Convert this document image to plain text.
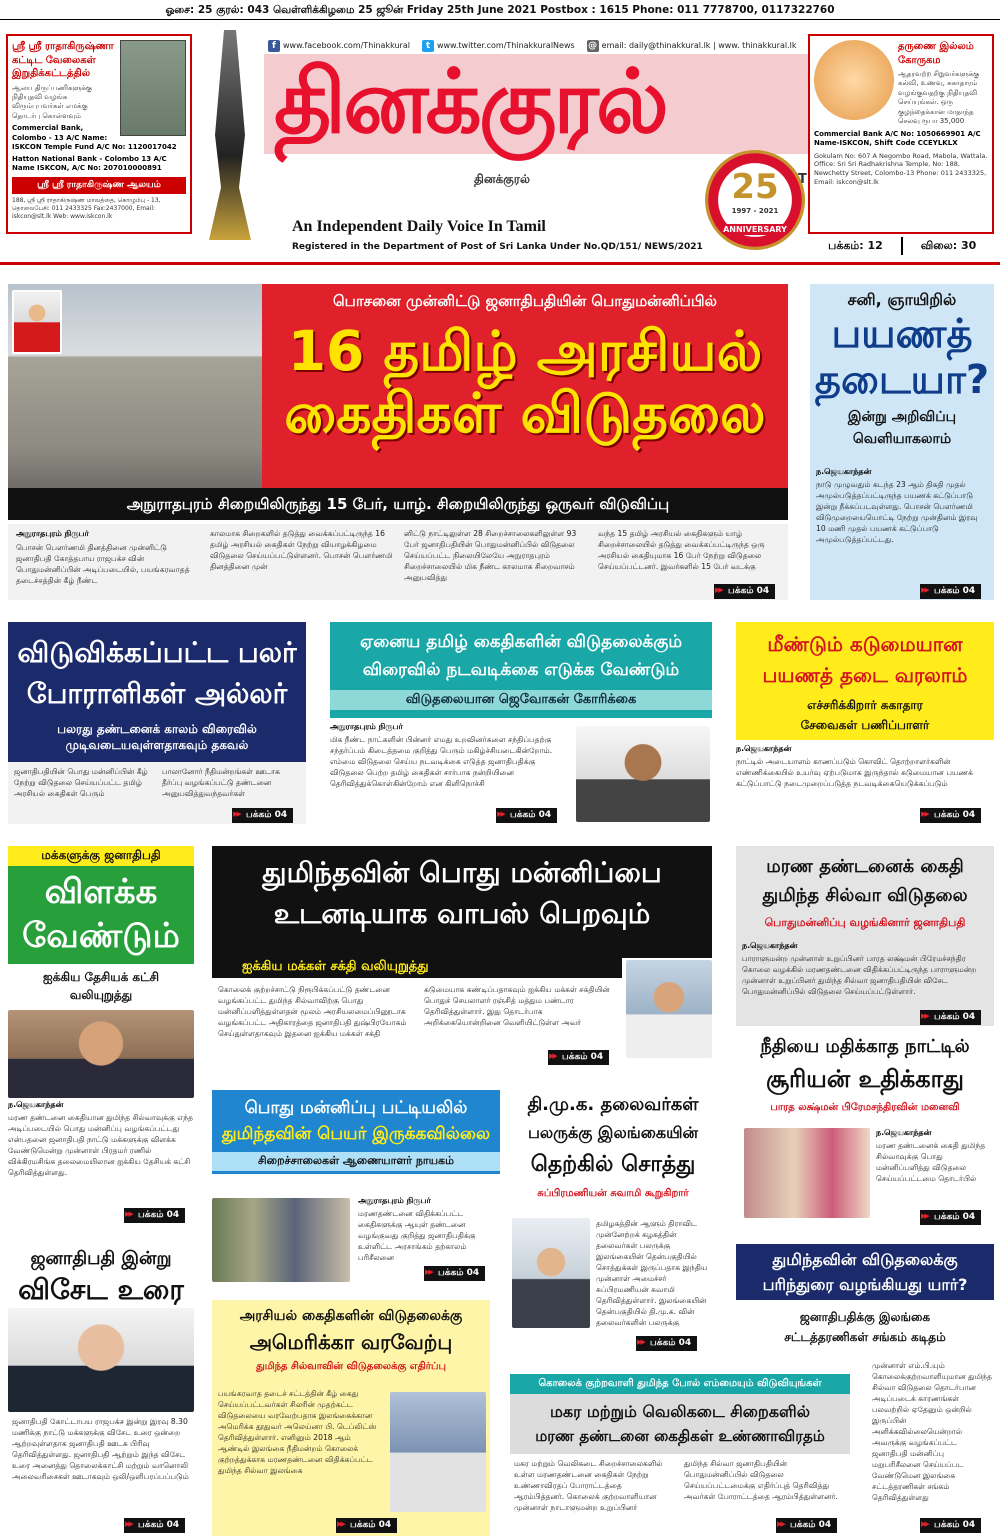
ஓசை: 25 குரல்: 043 வெள்ளிக்கிழமை 25 ஜூன் Friday 25th June 2021 Postbox : 1615 Phone: 011 7778700, 0117322760
ஸ்ரீ ஸ்ரீ ராதாகிருஷ்ணா கட்டிட வேலைகள் இறுதிக்கட்டத்தில்
ஆலய திருப்பணிகளுக்கு நிதியுதவி வழங்க விரும்புபவர்கள் எமக்கு தொடர்பு கொள்ளவும்
Commercial Bank, Colombo - 13 A/C Name: ISKCON Temple Fund A/C No: 1120017042
Hatton National Bank - Colombo 13 A/C Name ISKCON, A/C No: 207010000891
ஸ்ரீ ஸ்ரீ ராதாகிருஷ்ண ஆலயம்
188, ஸ்ரீ ஸ்ரீ ராதாகிருஷ்ண மாவத்தை, கொழும்பு - 13, தொலைபேசி: 011 2433325 Fax:2437000, Email: iskcon@slt.lk Web: www.iskcon.lk
f www.facebook.com/Thinakkural	t www.twitter.com/ThinakkuralNews @ email: daily@thinakkural.lk | www. thinakkural.lk
தினக்குரல்
தினக்குரல்
An Independent Daily Voice In Tamil
Registered in the Department of Post of Sri Lanka Under No.QD/151/ NEWS/2021
25
1997 - 2021
ANNIVERSARY
தருணை இல்லம் கோருகம
ஆதரவற்ற சிறுவர்களுக்கு கல்வி, உணவு, சுகாதாரம் வழங்குவதற்கு நிதியுதவி செய்யுங்கள். ஒரு குழந்தைக்கான மாதாந்த செலவு ரூபா 35,000
Commercial Bank A/C No: 1050669901 A/C Name-ISKCON, Shift Code CCEYLKLX
Gokulam No: 607 A Negombo Road, Mabola, Wattala. Office: Sri Sri Radhakrishna Temple, No: 188, Newchetty Street, Colombo-13 Phone: 011 2433325, Email: iskcon@slt.lk
பக்கம்: 12	விலை: 30
பொசனை முன்னிட்டு ஜனாதிபதியின் பொதுமன்னிப்பில்
16 தமிழ் அரசியல்
கைதிகள் விடுதலை
அநுராதபுரம் சிறையிலிருந்து 15 பேர், யாழ். சிறையிலிருந்து ஒருவர் விடுவிப்பு
அநுராதபுரம் நிருபர்
பொசன் பௌர்ணமி தினத்தினை முன்னிட்டு ஜனாதிபதி கோத்தபாய ராஜபக்ச வின் பொதுமன்னிப்பின் அடிப்படையில், பயங்கரவாதத் தடைச்சத்தின் கீழ் நீண்ட
காலமாக சிறைகளில் தடுத்து வைக்கப்பட்டிருந்த 16 தமிழ் அரசியல் கைதிகள் நேற்று வியாழக்கிழமை விடுதலை செய்யப்பட்டுள்ளனர். பொசன் பௌர்ணமி தினத்தினை முன்
னிட்டு நாட்டிலுள்ள 28 சிறைச்சாலைகளிலுள்ள 93 பேர் ஜனாதிபதியின் பொதுமன்னிப்பில் விடுதலை செய்யப்பட்ட நிலையிலேயே அநுராதபுரம் சிறைச்சாலையில் மிக நீண்ட காலமாக சிறைவாசம் அனுபவித்து
வந்த 15 தமிழ் அரசியல் கைதிகளும் யாழ் சிறைச்சாலையில் தடுத்து வைக்கப்பட்டிருந்த ஒரு அரசியல் கைதியுமாக 16 பேர் நேற்று விடுதலை செய்யப்பட்டனர். இவர்களில் 15 பேர் வடக்கு
▶▶ பக்கம் 04
சனி, ஞாயிறில்
பயணத்
தடையா?
இன்று அறிவிப்பு
வெளியாகலாம்
ந.ஜெயகாந்தன்
நாடு முழுவதும் கடந்த 23 ஆம் திகதி முதல் அமுல்படுத்தப்பட்டிருந்த பயணக் கட்டுப்பாடு இன்று நீக்கப்படவுள்ளது. பொசன் பௌர்ணமி விடுமுறையையொட்டி நேற்று முன்தினம் இரவு 10 மணி முதல் பயணக் கட்டுப்பாடு அமுல்படுத்தப்பட்டது.
▶▶ பக்கம் 04
விடுவிக்கப்பட்ட பலர்
போராளிகள் அல்லர்
பலரது தண்டனைக் காலம் விரைவில் முடிவடையவுள்ளதாகவும் தகவல்
ஜனாதிபதியின் பொது மன்னிப்பின் கீழ் நேற்று விடுதலை செய்யப்பட்ட தமிழ் அரசியல் கைதிகள் பெரும்
பாலானோர் நீதிமன்றங்கள் ஊடாக தீர்ப்பு வழங்கப்பட்டு தண்டனை அனுபவித்துவந்தவர்கள்
▶▶ பக்கம் 04
ஏனைய தமிழ் கைதிகளின் விடுதலைக்கும்
விரைவில் நடவடிக்கை எடுக்க வேண்டும்
விடுதலையான ஜெவோகன் கோரிக்கை
அநுராதபுரம் நிருபர்
மிக நீண்ட நாட்களின் பின்னர் எமது உறவினர்களை சந்திப்பதற்கு சந்தர்ப்பம் கிடைத்தமை குறித்து பெரும் மகிழ்ச்சியடைகின்றோம். எம்மை விடுதலை செய்ய நடவடிக்கை எடுத்த ஜனாதிபதிக்கு விடுதலை பெற்ற தமிழ் கைதிகள் சார்பாக நன்றியினை தெரிவித்துக்கொள்கின்றோம் என கிளிநொச்சி
▶▶ பக்கம் 04
மீண்டும் கடுமையான
பயணத் தடை வரலாம்
எச்சரிக்கிறார் சுகாதார
சேவைகள் பணிப்பாளர்
ந.ஜெயகாந்தன்
நாட்டில் அடையாளம் காணப்படும் கொவிட் தொற்றாளர்களின் எண்ணிக்கையில் உயர்வு ஏற்படுமாக இருந்தால் கடுமையான பயணக் கட்டுப்பாட்டு நடைமுறைப்படுத்த நடவடிக்கையெடுக்கப்படும்
▶▶ பக்கம் 04
மக்களுக்கு ஜனாதிபதி
விளக்க
வேண்டும்
ஐக்கிய தேசியக் கட்சி
வலியுறுத்து
ந.ஜெயகாந்தன்
மரண தண்டனை கைதியான துமிந்த சில்வாவுக்கு எந்த அடிப்படையில் பொது மன்னிப்பு வழங்கப்பட்டது என்பதனை ஜனாதிபதி நாட்டு மக்களுக்கு விளக்க வேண்டுமென்று முன்னாள் பிரதமர் ரணில் விக்கிரமசிங்க தலைமையிலான ஐக்கிய தேசியக் கட்சி தெரிவித்துள்ளது.
▶▶ பக்கம் 04
துமிந்தவின் பொது மன்னிப்பை
உடனடியாக வாபஸ் பெறவும்
ஐக்கிய மக்கள் சக்தி வலியுறுத்து
கொலைக் குற்றச்சாட்டு நிரூபிக்கப்பட்டு தண்டனை வழங்கப்பட்ட துமிந்த சில்வாவிற்கு பொது மன்னிப்பளித்துள்ளதன் மூலம் அரசியலமைப்பினூடாக வழங்கப்பட்ட அதிகாரத்தை ஜனாதிபதி துஷ்பிரயோகம் செய்துள்ளதாகவும் இதனை ஐக்கிய மக்கள் சக்தி
கடுமையாக கண்டிப்பதாகவும் ஐக்கிய மக்கள் சக்தியின் பொதுச் செயலாளர் ரஞ்சித் மத்தும பண்டார தெரிவித்துள்ளார். இது தொடர்பாக அறிக்கையொன்றினை வெளியிட்டுள்ள அவர்
▶▶ பக்கம் 04
மரண தண்டனைக் கைதி
துமிந்த சில்வா விடுதலை
பொதுமன்னிப்பு வழங்கினார் ஜனாதிபதி
ந.ஜெயகாந்தன்
பாராளுமன்ற முன்னாள் உறுப்பினர் பாரத லக்ஷ்மன் பிரேமச்சந்திர கொலை வழக்கில் மரணதண்டனை விதிக்கப்பட்டிருந்த பாராளுமன்ற முன்னாள் உறுப்பினர் துமிந்த சில்வா ஜனாதிபதியின் விசேட பொதுமன்னிப்பில் விடுதலை செய்யப்பட்டுள்ளார்.
▶▶ பக்கம் 04
நீதியை மதிக்காத நாட்டில்
சூரியன் உதிக்காது
பாரத லக்ஷ்மன் பிரேமசந்திரவின் மனைவி
ந.ஜெயகாந்தன்
மரண தண்டனைக் கைதி துமிந்த சில்வாவுக்கு பொது மன்னிப்பளித்து விடுதலை செய்யப்பட்டமை தொடர்பில்
▶▶ பக்கம் 04
பொது மன்னிப்பு பட்டியலில்
துமிந்தவின் பெயர் இருக்கவில்லை
சிறைச்சாலைகள் ஆணையாளர் நாயகம்
அநுராதபுரம் நிருபர்
மரணதண்டனை விதிக்கப்பட்ட கைதிகளுக்கு ஆயுள் தண்டனை வழங்குவது குறித்து ஜனாதிபதிக்கு உள்ளிட்ட அரசாங்கம் தற்காலம் பரிசீலனை
▶▶ பக்கம் 04
தி.மு.க. தலைவர்கள்
பலருக்கு இலங்கையின்
தெற்கில் சொத்து
சுப்பிரமணியன் சுவாமி கூறுகிறார்
தமிழகத்தின் ஆளும் திராவிட முன்னேற்றக் கழகத்தின் தலைவர்கள் பலருக்கு இலங்கையின் தென்பகுதியில் சொத்துக்கள் இருப்பதாக இந்திய முன்னாள் அமைச்சர் சுப்பிரமணியன் சுவாமி தெரிவித்துள்ளார். இலங்கையின் தென்பகுதியில் தி.மு.க. வின் தலைவர்களின் பலருக்கு
▶▶ பக்கம் 04
ஜனாதிபதி இன்று
விசேட உரை
ஜனாதிபதி கோட்டாபய ராஜபக்ச இன்று இரவு 8.30 மணிக்கு நாட்டு மக்களுக்கு விசேட உரை ஒன்றை ஆற்றவுள்ளதாக ஜனாதிபதி ஊடக பிரிவு தெரிவித்துள்ளது. ஜனாதிபதி ஆற்றும் இந்த விசேட உரை அனைத்து தொலைக்காட்சி மற்றும் வானொலி அலைவரிசைகள் ஊடாகவும் ஒலி/ஒளிபரப்பப்படும்
▶▶ பக்கம் 04
அரசியல் கைதிகளின் விடுதலைக்கு
அமெரிக்கா வரவேற்பு
துமிந்த சில்வாவின் விடுதலைக்கு எதிர்ப்பு
பயங்கரவாத தடைச் சட்டத்தின் கீழ் கைது செய்யப்பட்டவர்கள் சிலரின் முதற்கட்ட விடுதலையை வரவேற்பதாக இலங்கைக்கான அமெரிக்க தூதுவர் அலெய்னா பி. டெப்லிட்ஸ் தெரிவித்துள்ளார். எனினும் 2018 ஆம் ஆண்டில் இலங்கை நீதிமன்றம் கொலைக் குற்றத்துக்காக மரணதண்டனை விதிக்கப்பட்ட துமிந்த சில்வா இலங்கை
▶▶ பக்கம் 04
கொலைக் குற்றவாளி துமிந்த போல் எம்மையும் விடுவியுங்கள்
மகர மற்றும் வெலிகடை சிறைகளில்
மரண தண்டனை கைதிகள் உண்ணாவிரதம்
மகர மற்றும் வெலிகடை சிறைச்சாலைகளில் உள்ள மரணதண்டனை கைதிகள் நேற்று உண்ணாவிரதப் போராட்டத்தை ஆரம்பித்தனர். கொலைக் குற்றவாளியான முன்னாள் நாடாளுமன்ற உறுப்பினர்
துமிந்த சில்வா ஜனாதிபதியின் பொதுமன்னிப்பில் விடுதலை செய்யப்பட்டமைக்கு எதிர்ப்புத் தெரிவித்து அவர்கள் போராட்டத்தை ஆரம்பித்துள்ளனர்.
▶▶ பக்கம் 04
துமிந்தவின் விடுதலைக்கு
பரிந்துரை வழங்கியது யார்?
ஜனாதிபதிக்கு இலங்கை
சட்டத்தரணிகள் சங்கம் கடிதம்
முன்னாள் எம்.பி.யும் கொலைக்குற்றவாளியுமான துமிந்த சில்வா விடுதலை தொடர்பான அடிப்படைக் காரணங்கள் பலவற்றில் ஏதேனும் ஒன்றில் இருப்பின் அளிக்கவில்லையென்றால் அவருக்கு வழங்கப்பட்ட ஜனாதிபதி மன்னிப்பு மறுபரிசீலனை செய்யப்பட வேண்டுமென இலங்கை சட்டத்தரணிகள் சங்கம் தெரிவித்துள்ளது
▶▶ பக்கம் 04
